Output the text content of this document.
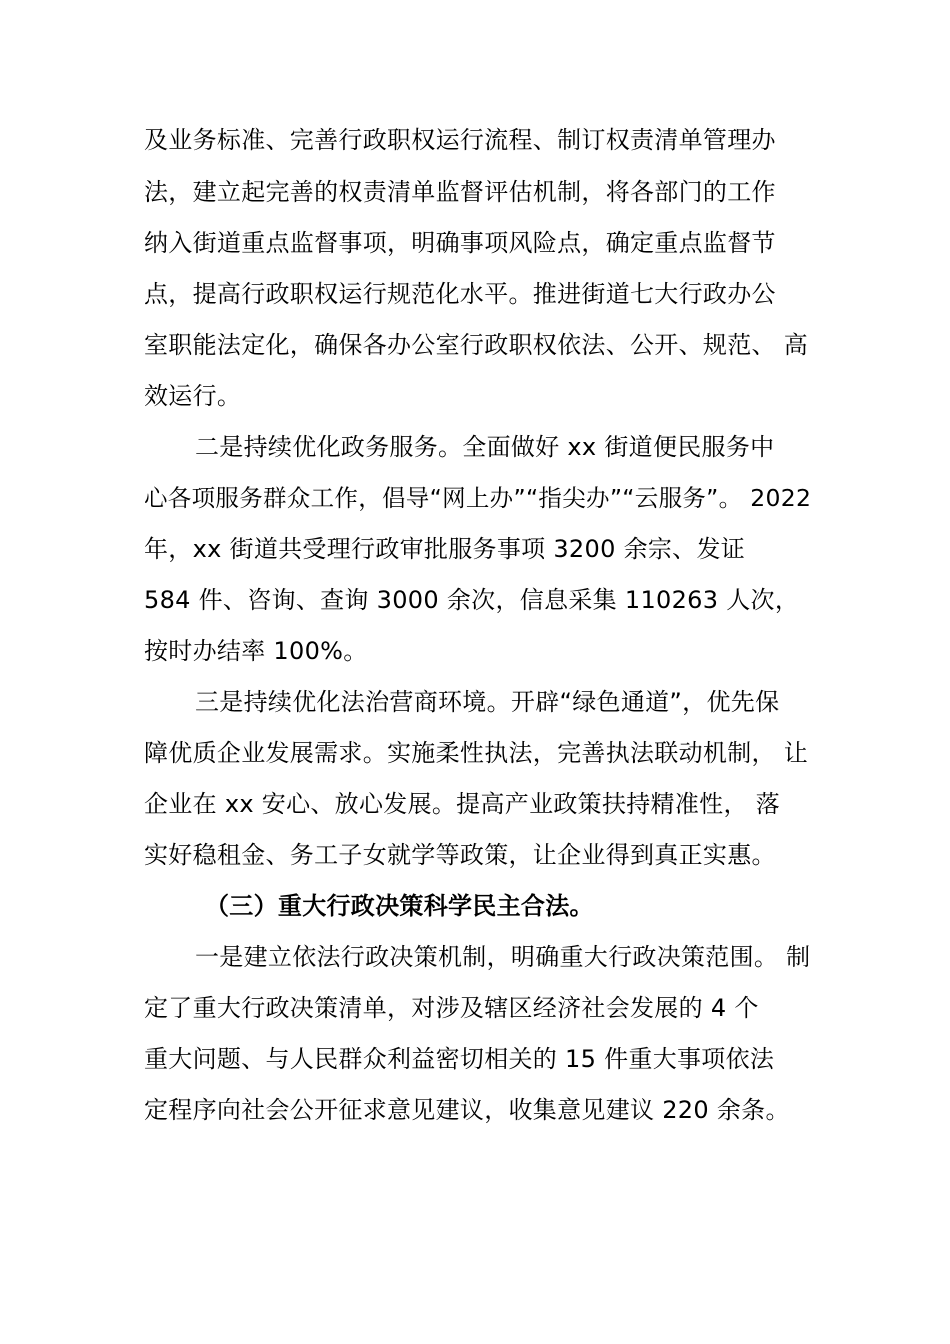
及业务标准、完善行政职权运行流程、制订权责清单管理办
法，建立起完善的权责清单监督评估机制，将各部门的工作
纳入街道重点监督事项，明确事项风险点，确定重点监督节
点，提高行政职权运行规范化水平。推进街道七大行政办公
室职能法定化，确保各办公室行政职权依法、公开、规范、 高
效运行。
二是持续优化政务服务。全面做好 xx 街道便民服务中
心各项服务群众工作，倡导“网上办”“指尖办”“云服务”。 2022
年，xx 街道共受理行政审批服务事项 3200 余宗、发证
584 件、咨询、查询 3000 余次，信息采集 110263 人次，
按时办结率 100%。
三是持续优化法治营商环境。开辟“绿色通道”，优先保
障优质企业发展需求。实施柔性执法，完善执法联动机制， 让
企业在 xx 安心、放心发展。提高产业政策扶持精准性， 落
实好稳租金、务工子女就学等政策，让企业得到真正实惠。
（三）重大行政决策科学民主合法。
一是建立依法行政决策机制，明确重大行政决策范围。 制
定了重大行政决策清单，对涉及辖区经济社会发展的 4 个
重大问题、与人民群众利益密切相关的 15 件重大事项依法
定程序向社会公开征求意见建议，收集意见建议 220 余条。
